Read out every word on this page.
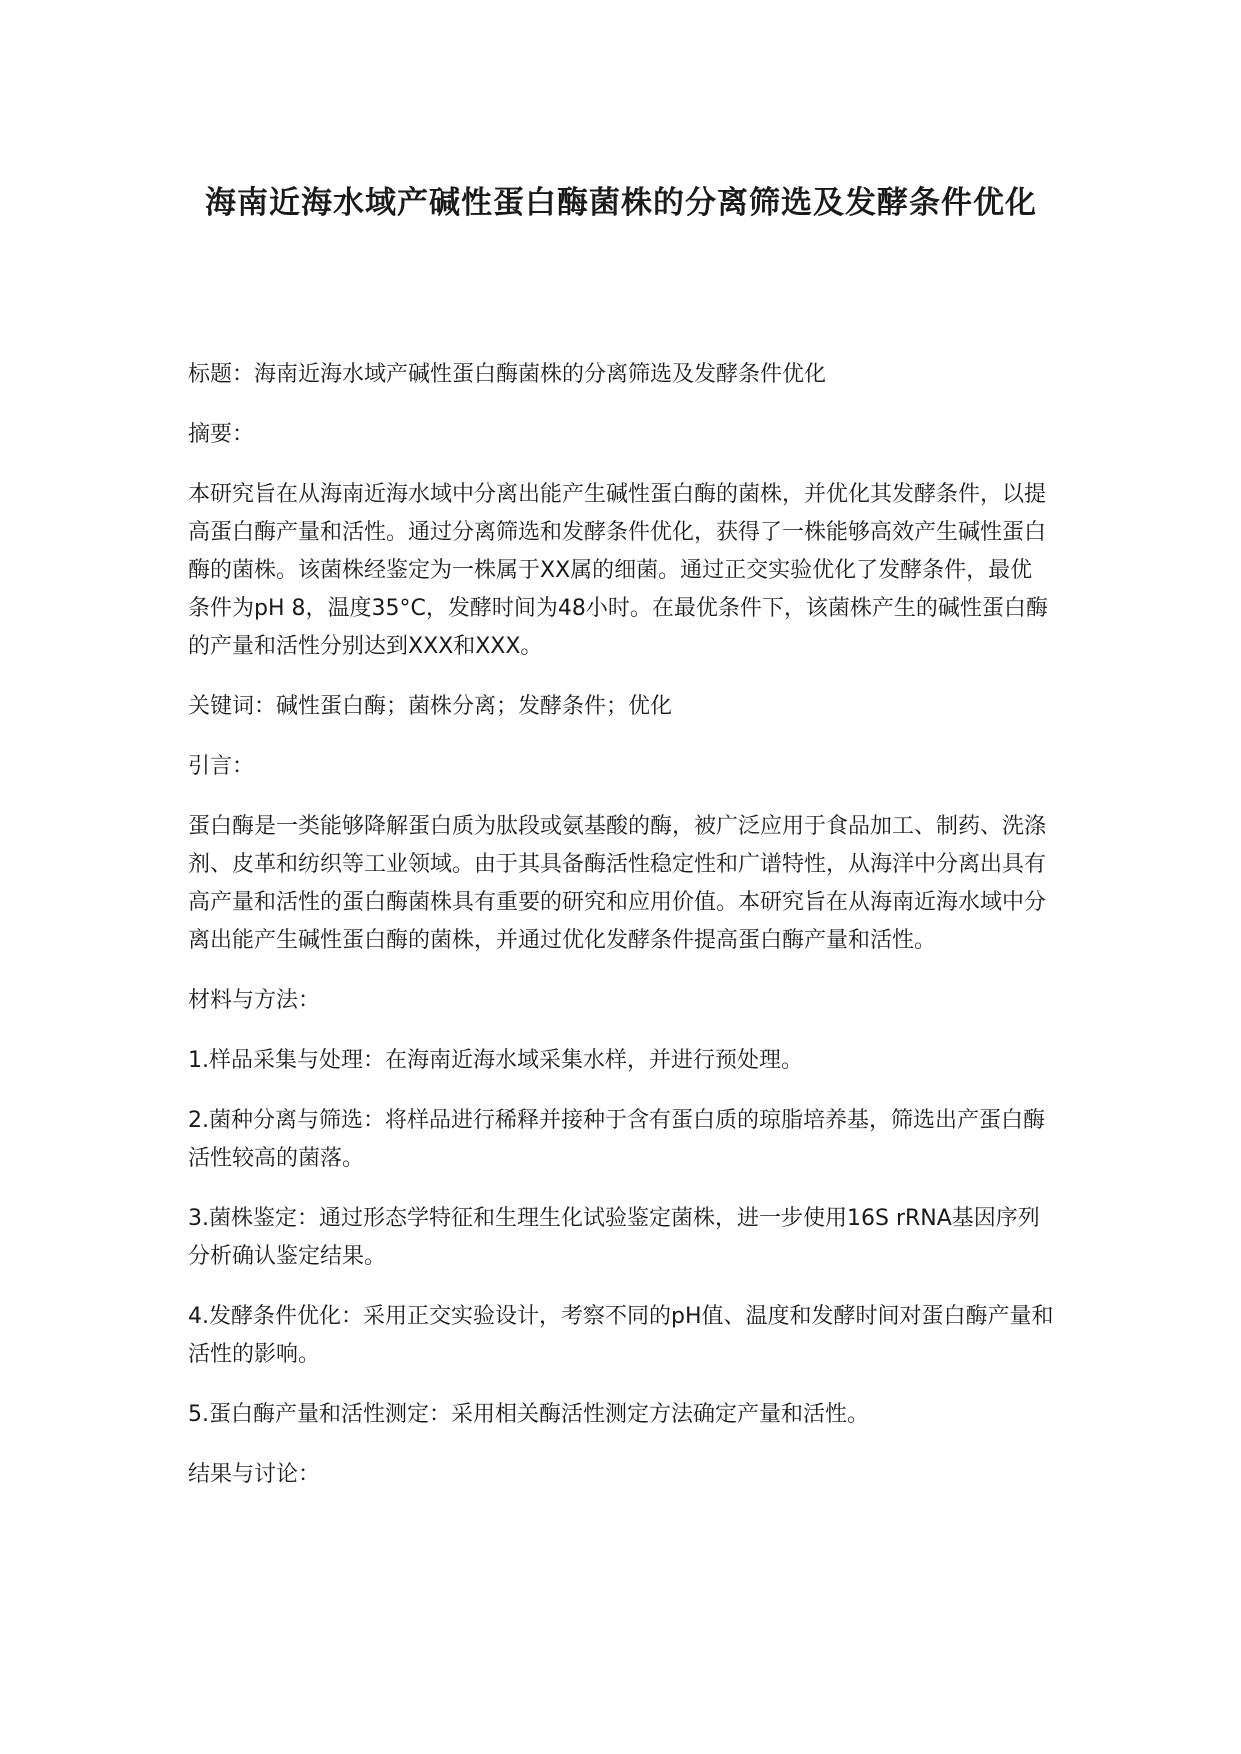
海南近海水域产碱性蛋白酶菌株的分离筛选及发酵条件优化

标题：海南近海水域产碱性蛋白酶菌株的分离筛选及发酵条件优化

摘要：

本研究旨在从海南近海水域中分离出能产生碱性蛋白酶的菌株，并优化其发酵条件，以提高蛋白酶产量和活性。通过分离筛选和发酵条件优化，获得了一株能够高效产生碱性蛋白酶的菌株。该菌株经鉴定为一株属于XX属的细菌。通过正交实验优化了发酵条件，最优条件为pH 8，温度35°C，发酵时间为48小时。在最优条件下，该菌株产生的碱性蛋白酶的产量和活性分别达到XXX和XXX。

关键词：碱性蛋白酶；菌株分离；发酵条件；优化

引言：

蛋白酶是一类能够降解蛋白质为肽段或氨基酸的酶，被广泛应用于食品加工、制药、洗涤剂、皮革和纺织等工业领域。由于其具备酶活性稳定性和广谱特性，从海洋中分离出具有高产量和活性的蛋白酶菌株具有重要的研究和应用价值。本研究旨在从海南近海水域中分离出能产生碱性蛋白酶的菌株，并通过优化发酵条件提高蛋白酶产量和活性。

材料与方法：

1.样品采集与处理：在海南近海水域采集水样，并进行预处理。

2.菌种分离与筛选：将样品进行稀释并接种于含有蛋白质的琼脂培养基，筛选出产蛋白酶活性较高的菌落。

3.菌株鉴定：通过形态学特征和生理生化试验鉴定菌株，进一步使用16S rRNA基因序列分析确认鉴定结果。

4.发酵条件优化：采用正交实验设计，考察不同的pH值、温度和发酵时间对蛋白酶产量和活性的影响。

5.蛋白酶产量和活性测定：采用相关酶活性测定方法确定产量和活性。

结果与讨论：
